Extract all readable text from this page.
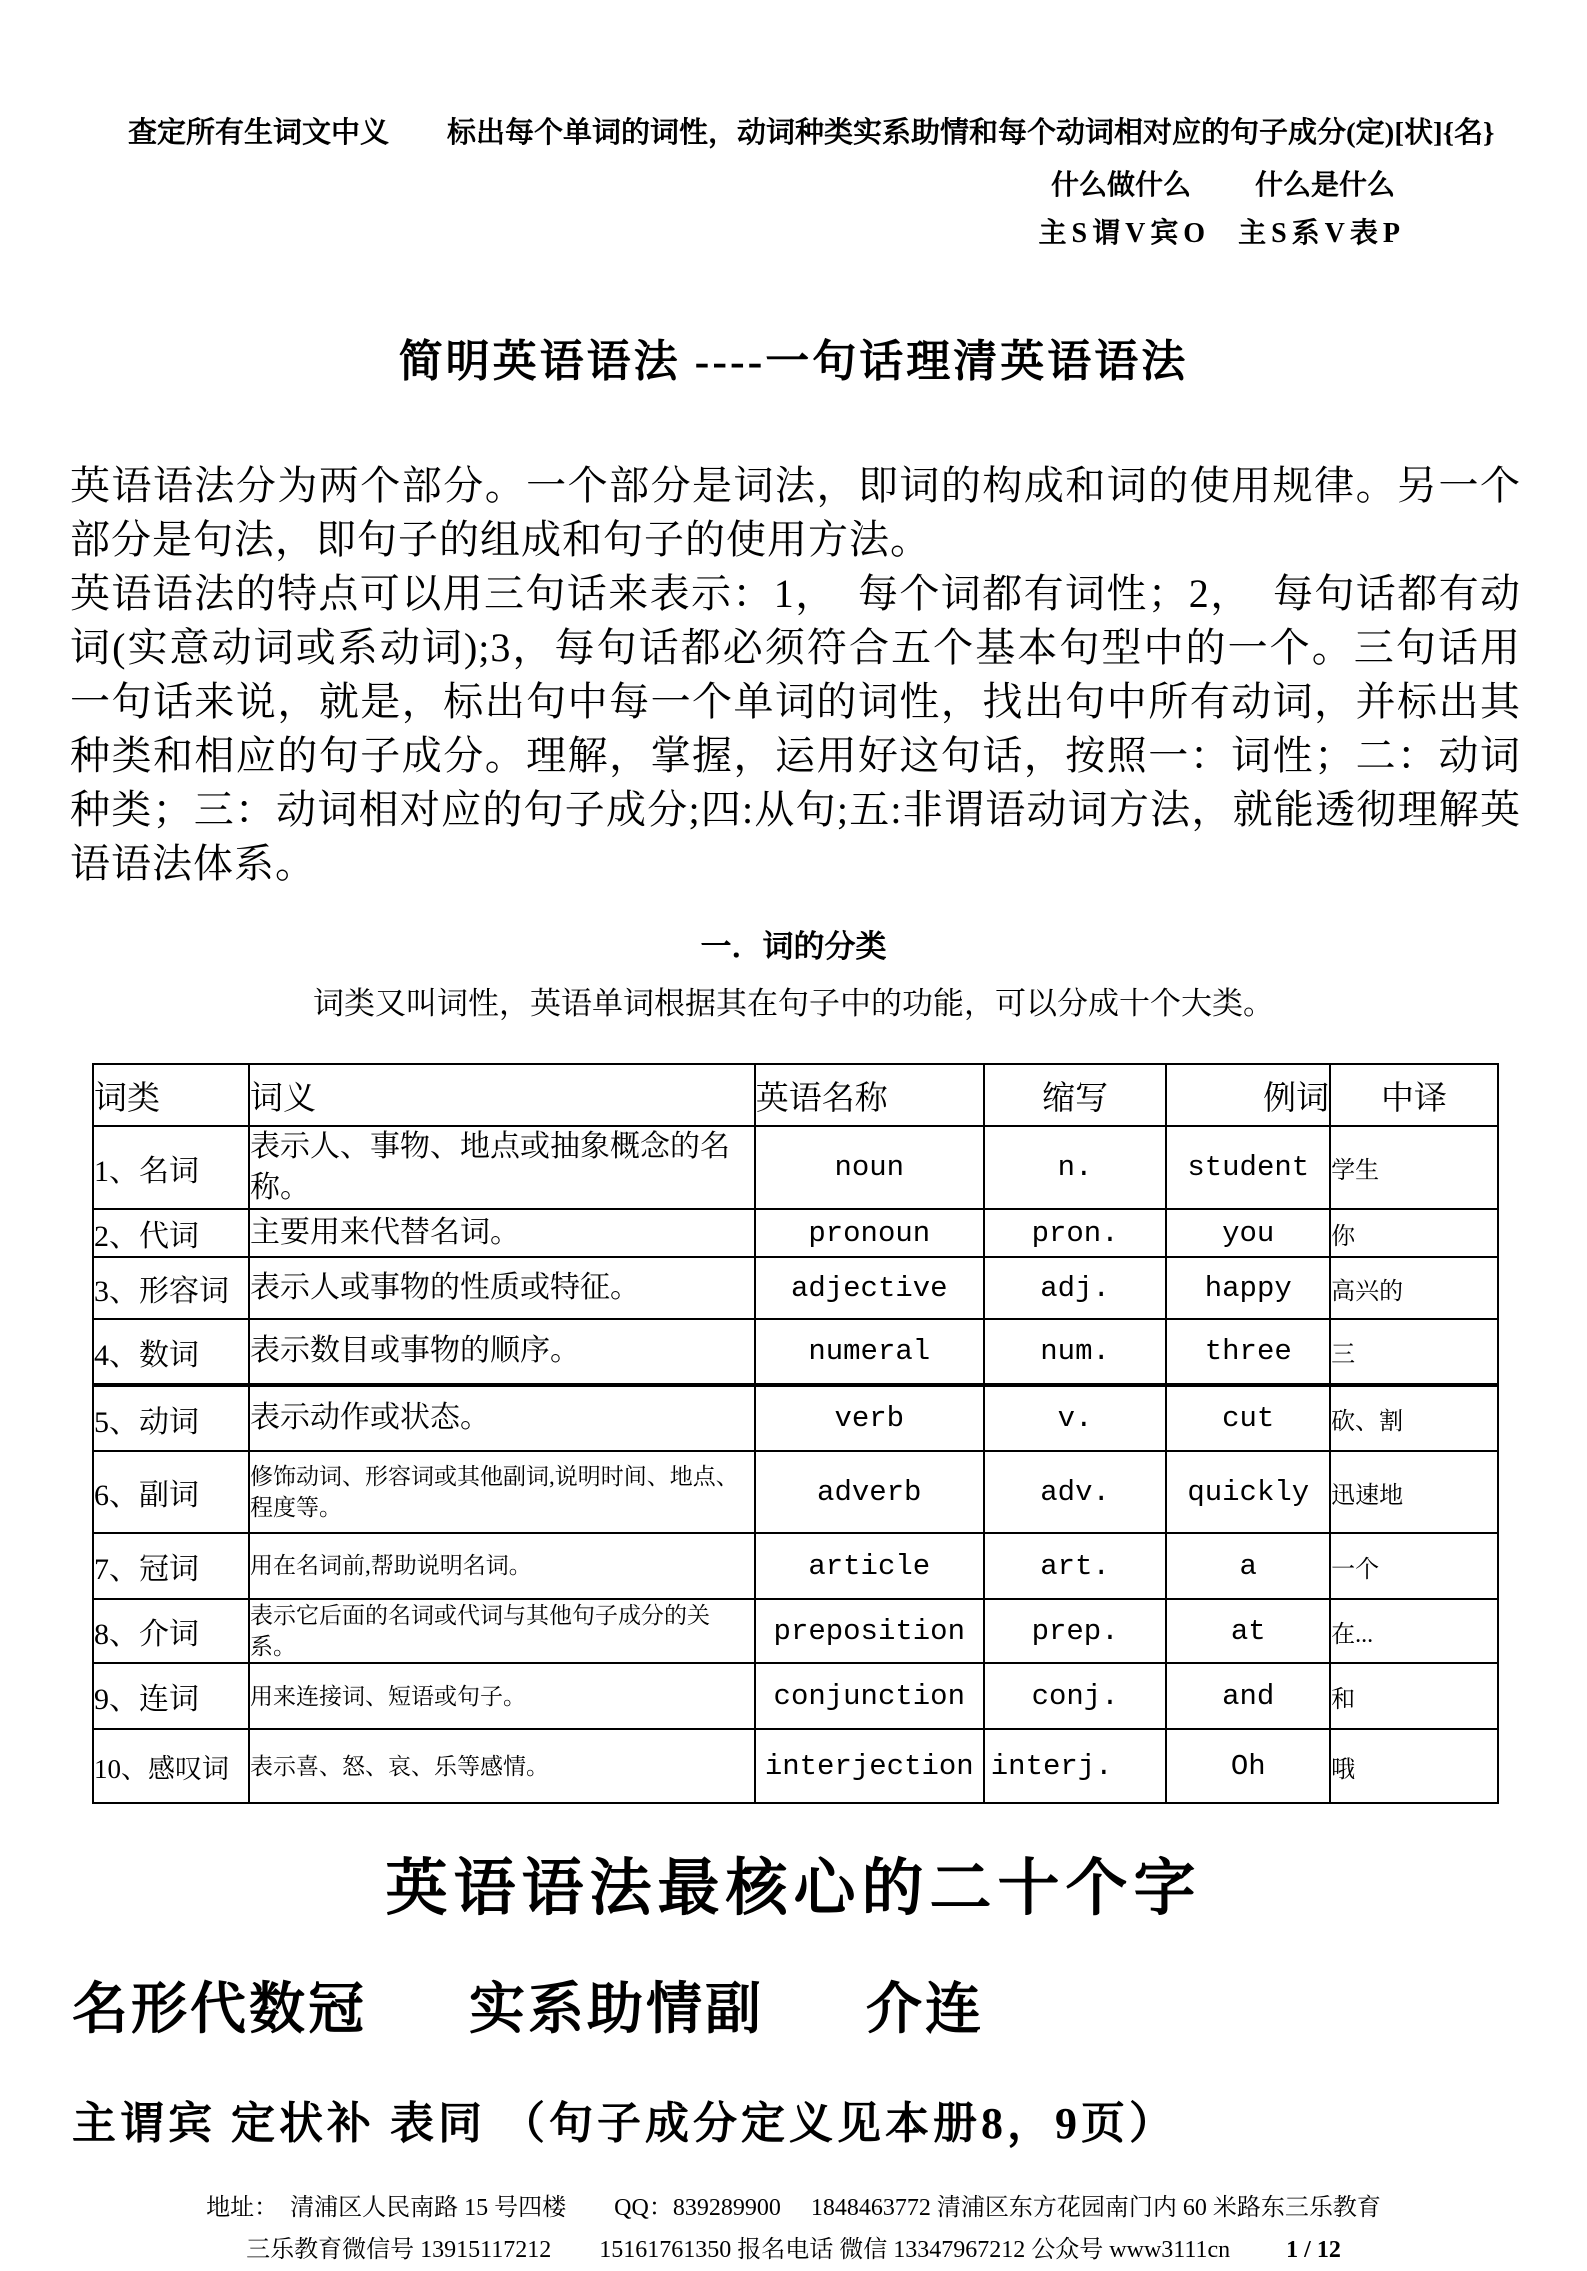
查定所有生词文中义　　标出每个单词的词性，动词种类实系助情和每个动词相对应的句子成分(定)[状]{名}
什么做什么 什么是什么
主S谓V宾O 主S系V表P
简明英语语法 ----一句话理清英语语法

英语语法分为两个部分。一个部分是词法，即词的构成和词的使用规律。另一个部分是句法，即句子的组成和句子的使用方法。

英语语法的特点可以用三句话来表示：1，　每个词都有词性；2，　每句话都有动词(实意动词或系动词);3，每句话都必须符合五个基本句型中的一个。三句话用一句话来说，就是，标出句中每一个单词的词性，找出句中所有动词，并标出其种类和相应的句子成分。理解，掌握，运用好这句话，按照一：词性；二：动词种类；三：动词相对应的句子成分;四:从句;五:非谓语动词方法，就能透彻理解英语语法体系。

一．词的分类
词类又叫词性，英语单词根据其在句子中的功能，可以分成十个大类。
词类	词义	英语名称	缩写	例词	中译
1、名词	表示人、事物、地点或抽象概念的名称。	noun	n.	student	学生
2、代词	主要用来代替名词。	pronoun	pron.	you	你
3、形容词	表示人或事物的性质或特征。	adjective	adj.	happy	高兴的
4、数词	表示数目或事物的顺序。	numeral	num.	three	三
5、动词	表示动作或状态。	verb	v.	cut	砍、割
6、副词	修饰动词、形容词或其他副词,说明时间、地点、程度等。	adverb	adv.	quickly	迅速地
7、冠词	用在名词前,帮助说明名词。	article	art.	a	一个
8、介词	表示它后面的名词或代词与其他句子成分的关系。	preposition	prep.	at	在...
9、连词	用来连接词、短语或句子。	conjunction	conj.	and	和
10、感叹词	表示喜、怒、哀、乐等感情。	interjection	interj.	Oh	哦
英语语法最核心的二十个字
名形代数冠 实系助情副 介连
主谓宾 定状补 表同 （句子成分定义见本册8，9页）
地址：　清浦区人民南路 15 号四楼　　QQ：839289900　 1848463772 清浦区东方花园南门内 60 米路东三乐教育
三乐教育微信号 13915117212　　15161761350 报名电话 微信 13347967212 公众号 www3111cn 1 / 12
